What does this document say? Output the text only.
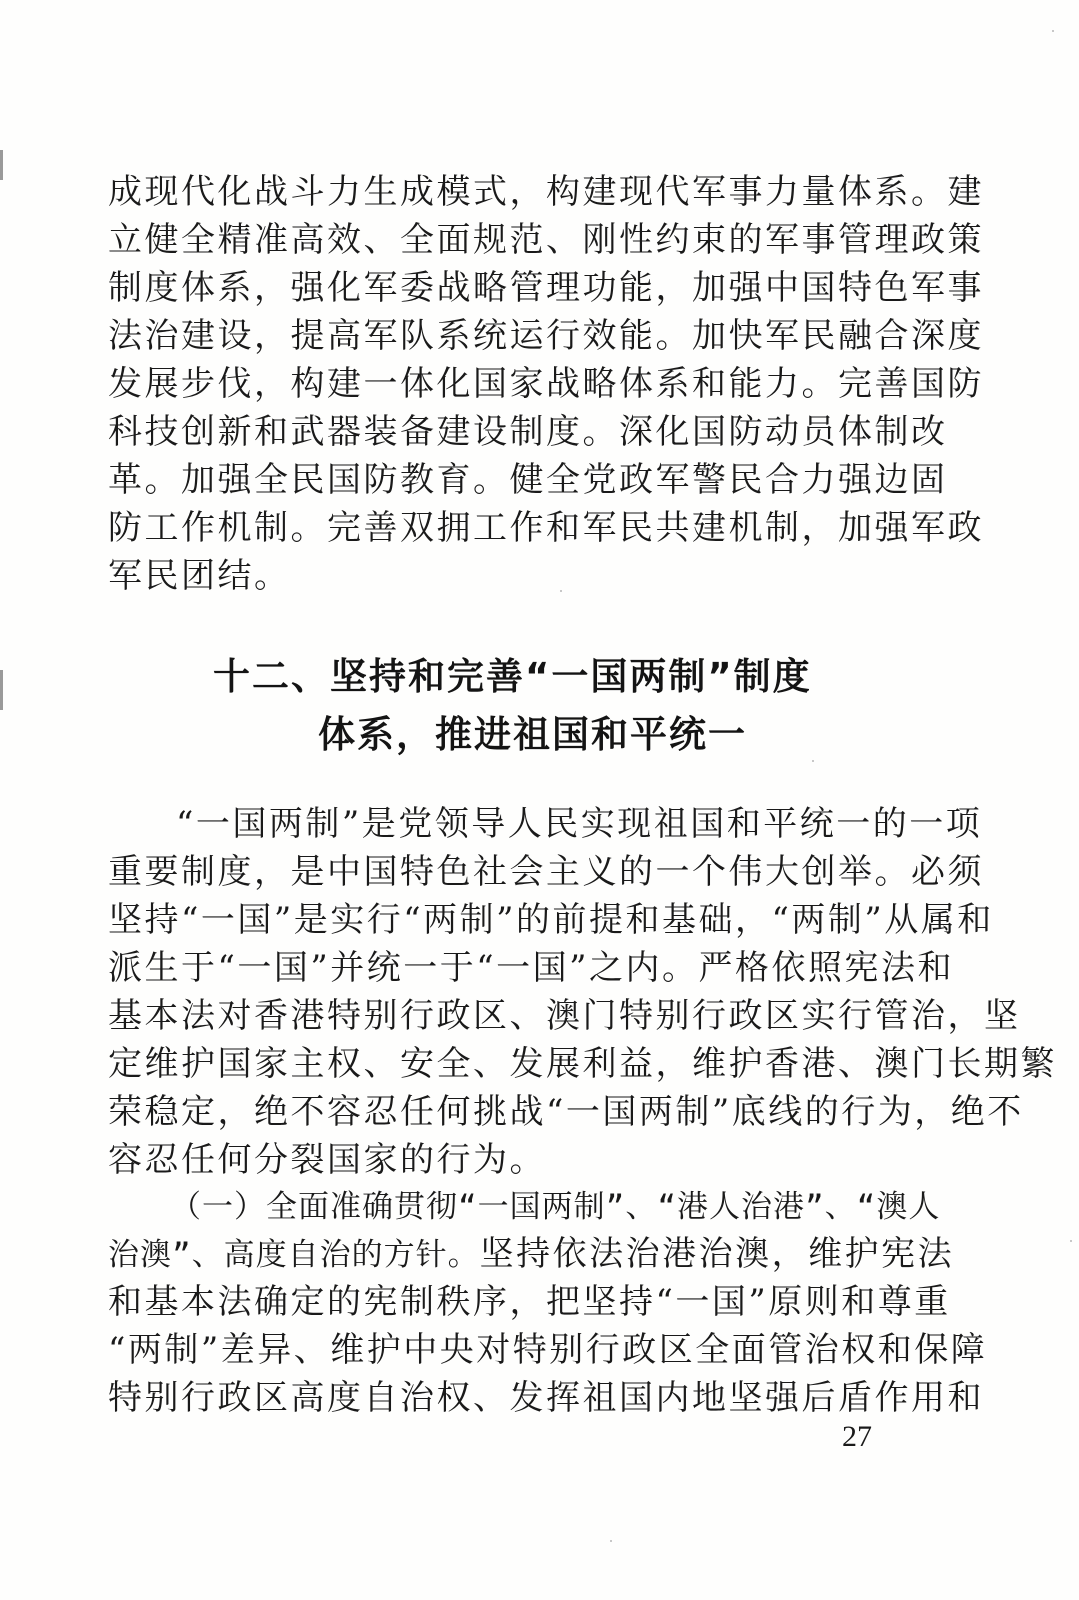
成现代化战斗力生成模式，构建现代军事力量体系。建
立健全精准高效、全面规范、刚性约束的军事管理政策
制度体系，强化军委战略管理功能，加强中国特色军事
法治建设，提高军队系统运行效能。加快军民融合深度
发展步伐，构建一体化国家战略体系和能力。完善国防
科技创新和武器装备建设制度。深化国防动员体制改
革。加强全民国防教育。健全党政军警民合力强边固
防工作机制。完善双拥工作和军民共建机制，加强军政
军民团结。
十二、坚持和完善“一国两制”制度
体系，推进祖国和平统一
“一国两制”是党领导人民实现祖国和平统一的一项
重要制度，是中国特色社会主义的一个伟大创举。必须
坚持“一国”是实行“两制”的前提和基础，“两制”从属和
派生于“一国”并统一于“一国”之内。严格依照宪法和
基本法对香港特别行政区、澳门特别行政区实行管治，坚
定维护国家主权、安全、发展利益，维护香港、澳门长期繁
荣稳定，绝不容忍任何挑战“一国两制”底线的行为，绝不
容忍任何分裂国家的行为。
（一）全面准确贯彻“一国两制”、“港人治港”、“澳人
治澳”、高度自治的方针。坚持依法治港治澳，维护宪法
和基本法确定的宪制秩序，把坚持“一国”原则和尊重
“两制”差异、维护中央对特别行政区全面管治权和保障
特别行政区高度自治权、发挥祖国内地坚强后盾作用和
27
